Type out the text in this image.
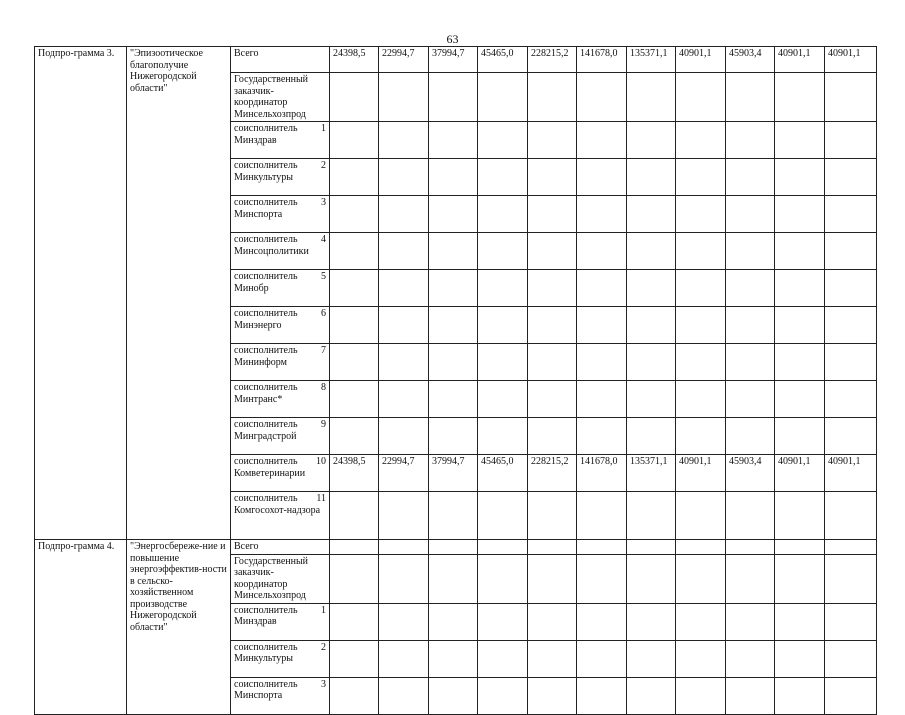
63
Подпро-грамма 3.	"Эпизоотическое благополучие Нижегородской области"	Всего	24398,5	22994,7	37994,7	45465,0	228215,2	141678,0	135371,1	40901,1	45903,4	40901,1	40901,1
		Государственный заказчик-координатор Минсельхозпрод											
		соисполнитель 1 Минздрав											
		соисполнитель 2 Минкультуры											
		соисполнитель 3 Минспорта											
		соисполнитель 4 Минсоцполитики											
		соисполнитель 5 Минобр											
		соисполнитель 6 Минэнерго											
		соисполнитель 7 Мининформ											
		соисполнитель 8 Минтранс*											
		соисполнитель 9 Минградстрой											
		соисполнитель 10 Комветеринарии	24398,5	22994,7	37994,7	45465,0	228215,2	141678,0	135371,1	40901,1	45903,4	40901,1	40901,1
		соисполнитель 11 Комгосохот-надзора											
Подпро-грамма 4.	"Энергосбереже-ние и повышение энергоэффектив-ности в сельско-хозяйственном производстве Нижегородской области"	Всего											
		Государственный заказчик-координатор Минсельхозпрод											
		соисполнитель 1 Минздрав											
		соисполнитель 2 Минкультуры											
		соисполнитель 3 Минспорта											
